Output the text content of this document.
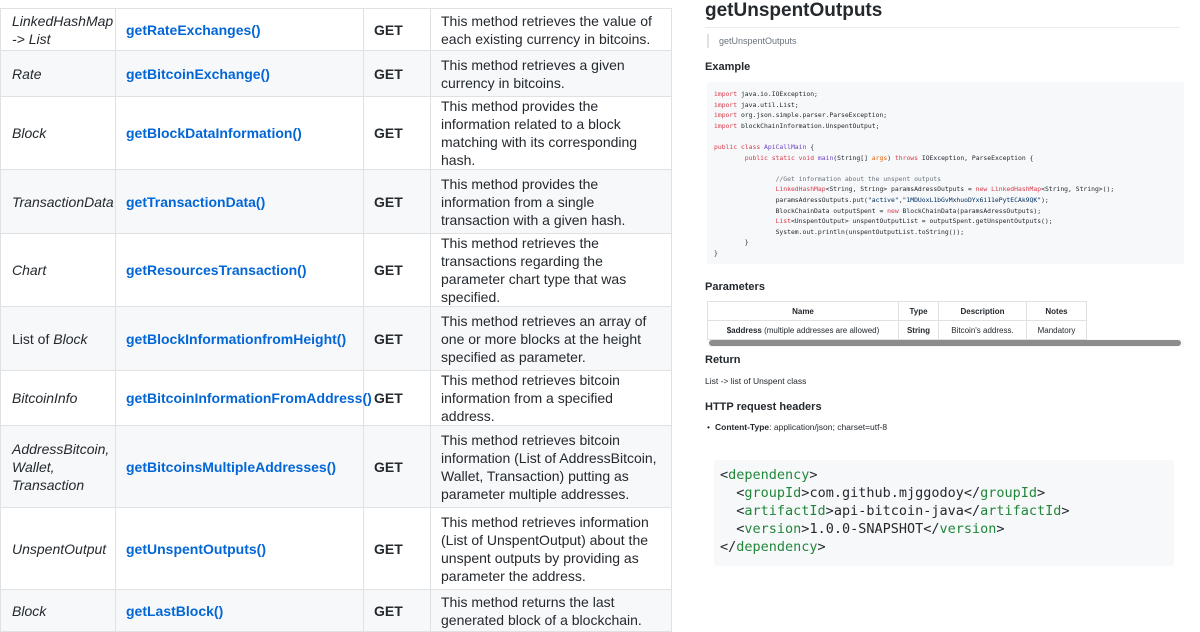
LinkedHashMap -> List	getRateExchanges()	GET	This method retrieves the value of each existing currency in bitcoins.
Rate	getBitcoinExchange()	GET	This method retrieves a given currency in bitcoins.
Block	getBlockDataInformation()	GET	This method provides the information related to a block matching with its corresponding hash.
TransactionData	getTransactionData()	GET	This method provides the information from a single transaction with a given hash.
Chart	getResourcesTransaction()	GET	This method retrieves the transactions regarding the parameter chart type that was specified.
List of Block	getBlockInformationfromHeight()	GET	This method retrieves an array of one or more blocks at the height specified as parameter.
BitcoinInfo	getBitcoinInformationFromAddress()	GET	This method retrieves bitcoin information from a specified address.
AddressBitcoin, Wallet, Transaction	getBitcoinsMultipleAddresses()	GET	This method retrieves bitcoin information (List of AddressBitcoin, Wallet, Transaction) putting as parameter multiple addresses.
UnspentOutput	getUnspentOutputs()	GET	This method retrieves information (List of UnspentOutput) about the unspent outputs by providing as parameter the address.
Block	getLastBlock()	GET	This method returns the last generated block of a blockchain.
getUnspentOutputs
getUnspentOutputs
Example
import java.io.IOException;
import java.util.List;
import org.json.simple.parser.ParseException;
import blockChainInformation.UnspentOutput;

public class ApiCallMain {
public static void main(String[] args) throws IOException, ParseException {

//Get information about the unspent outputs
LinkedHashMap<String, String> paramsAdressOutputs = new LinkedHashMap<String, String>();
paramsAdressOutputs.put("active","1MDUoxL1bGvMxhuoDYx6i11ePytECAk9QK");
BlockChainData outputSpent = new BlockChainData(paramsAdressOutputs);
List<UnspentOutput> unspentOutputList = outputSpent.getUnspentOutputs();
System.out.println(unspentOutputList.toString());
}
}
Parameters
Name	Type	Description	Notes
$address (multiple addresses are allowed)	String	Bitcoin's address.	Mandatory
Return
List -> list of Unspent class
HTTP request headers
• Content-Type: application/json; charset=utf-8
<dependency>
<groupId>com.github.mjggodoy</groupId>
<artifactId>api-bitcoin-java</artifactId>
<version>1.0.0-SNAPSHOT</version>
</dependency>
